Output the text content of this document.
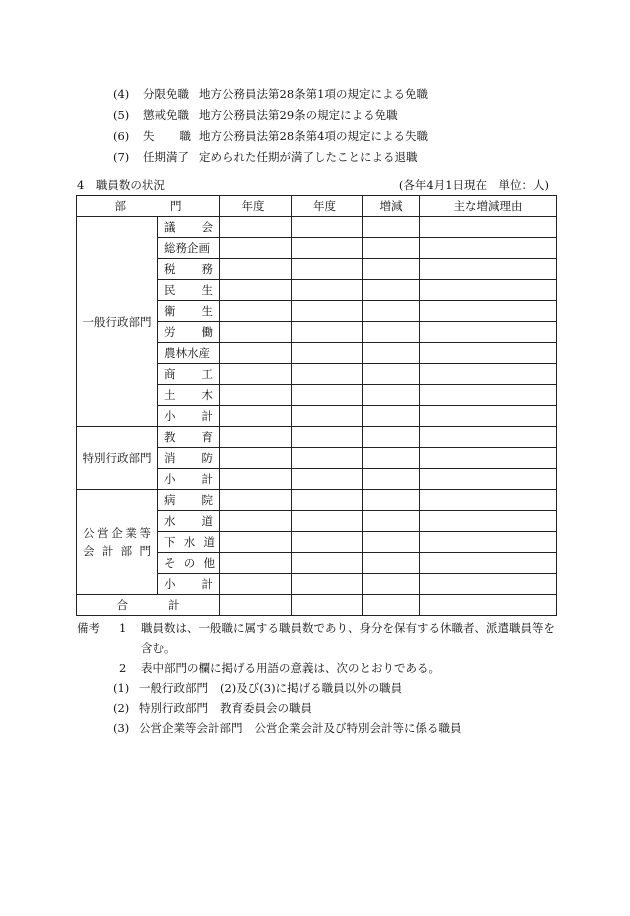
(4)	分限免職 地方公務員法第28条第1項の規定による免職
(5)	懲戒免職 地方公務員法第29条の規定による免職
(6)	失 職 地方公務員法第28条第4項の規定による失職
(7)	任期満了 定められた任期が満了したことによる退職
4　職員数の状況	(各年4月1日現在　単位：人)
部 門		年度	年度	増減	主な増減理由
一般行政部門	議 会				

	総務企画				

	税 務				

	民 生				

	衛 生				

	労 働				

	農林水産				

	商 工				

	土 木				

	小 計				

特別行政部門	教 育				

	消 防				

	小 計				

公営企業等
会計部門	病 院				

	水 道				

	下 水 道				

	そ の 他				

	小 計				

合 計					
備考	1	職員数は、一般職に属する職員数であり、身分を保有する休職者、派遣職員等を含む。
2	表中部門の欄に掲げる用語の意義は、次のとおりである。
(1) 一般行政部門 (2)及び(3)に掲げる職員以外の職員
(2) 特別行政部門 教育委員会の職員
(3) 公営企業等会計部門 公営企業会計及び特別会計等に係る職員
